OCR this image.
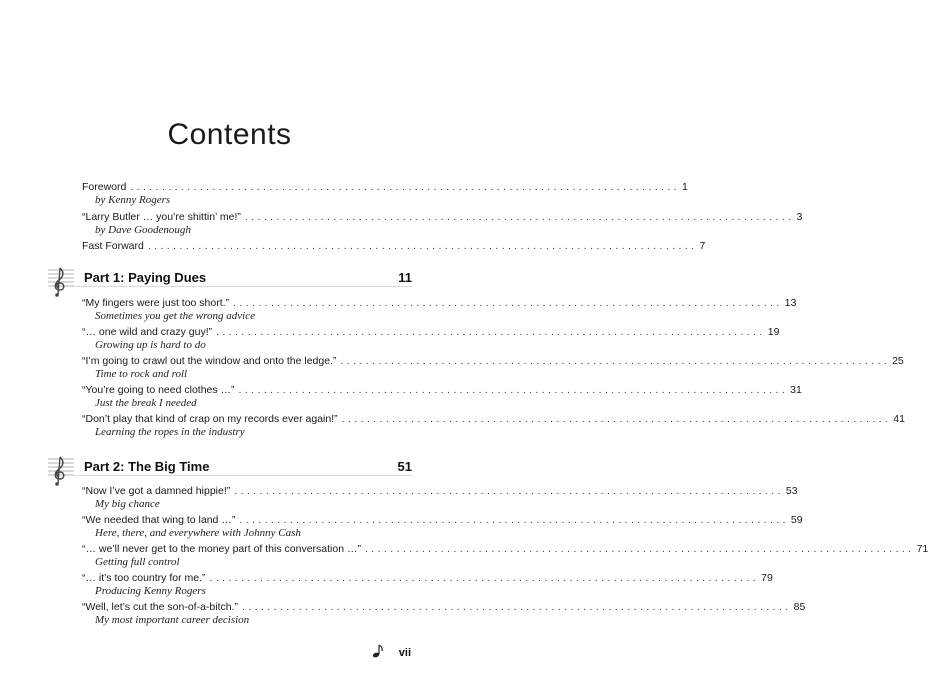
Contents
Foreword ....................................................................................... 1
by Kenny Rogers
“Larry Butler … you’re shittin’ me!” ....................................................................................... 3
by Dave Goodenough
Fast Forward ....................................................................................... 7
Part 1: Paying Dues	11
“My fingers were just too short.” ....................................................................................... 13
Sometimes you get the wrong advice
“… one wild and crazy guy!” ....................................................................................... 19
Growing up is hard to do
“I’m going to crawl out the window and onto the ledge.” ....................................................................................... 25
Time to rock and roll
“You’re going to need clothes …” ....................................................................................... 31
Just the break I needed
“Don’t play that kind of crap on my records ever again!” ....................................................................................... 41
Learning the ropes in the industry
Part 2: The Big Time	51
“Now I’ve got a damned hippie!” ....................................................................................... 53
My big chance
“We needed that wing to land …” ....................................................................................... 59
Here, there, and everywhere with Johnny Cash
“… we’ll never get to the money part of this conversation …” ....................................................................................... 71
Getting full control
“… it’s too country for me.” ....................................................................................... 79
Producing Kenny Rogers
“Well, let’s cut the son-of-a-bitch.” ....................................................................................... 85
My most important career decision
vii
